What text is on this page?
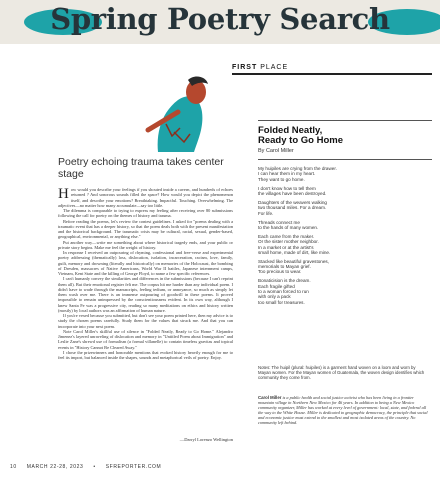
Spring Poetry Search
FIRST PLACE
Folded Neatly,
Ready to Go Home
By Carol Miller

My huipiles are crying from the drawer.
I can hear them in my heart.
They want to go home.

I don't know how to tell them
the villages have been destroyed.

Daughters of the weavers walking
two thousand miles. For a dream.
For life.

Threads connect me
to the hands of many women.

Each came from the maker.
Or the sister mother neighbor.
In a market or at the artist's
small home, made of dirt, like mine.

Stacked like beautiful gravestones,
memorials to Mayan grief.
Too precious to wear.

Bonaticision is the dream.
Each fragile gifted
to a woman forced to run
with only a pack
too small for treasures.

Notes: The huipil (plural: huipiles) is a garment hand woven on a loom and worn by Mayan women. For the Mayan women of Guatemala, the woven design identifies which community they come from.
Carol Miller is a public health and social justice activist who has been living in a frontier mountain village in Northern New Mexico for 46 years. In addition to being a New Mexico community organizer, Miller has worked at every level of government: local, state, and federal all the way to the White House. Miller is dedicated to geographic democracy, the principle that social and economic justice must extend to the smallest and most isolated areas of the country. No community left behind.
Poetry echoing trauma takes center stage

How would you describe your feelings if you shouted inside a cavern, and hundreds of echoes returned ? And sonorous sounds filled the space? How would you depict the phenomenon itself, and describe your emotions? Breathtaking. Impactful. Touching. Overwhelming. The adjectives—no matter how many accumulate—say too little.

The dilemma is comparable to trying to express my feeling after receiving over 80 submissions following the call for poetry on the themes of history and trauma.

Before reading the poems, let's review the contest guidelines. I asked for "poems dealing with a traumatic event that has a deeper history, so that the poem deals both with the present manifestation and the historical background. The traumatic crisis may be cultural, racial, sexual, gender-based, geographical, environmental, or anything else."

Put another way—write me something about where historical tragedy ends, and your public or private story begins. Make me feel the weight of history.

In response I received an outpouring of rhyming, confessional and free-verse and experimental poetry addressing (thematically) loss, dislocation, isolation, incarceration, racism, love, family, guilt, memory and drowning (literally and historically) on memories of the Holocaust, the bombing of Dresden, massacres of Native Americans, World War II battles, Japanese internment camps, Vietnam, Kent State and the killing of George Floyd, to name a few specific references.

I can't humanly convey the similarities and differences in the submissions (because I can't reprint them all). But their emotional register felt me. The corpus hit me harder than any individual poem. I didn't have to wade through the manuscripts, feeling tedium, or annoyance, so much as simply let them wash over me. There is an immense outpouring of goodwill in these poems. It proved impossible to remain unimpressed by the conscientiousness evident. In its own way, although I knew Santa Fe was a progressive city, reading so many meditations on ethics and history written (mostly) by local authors was an affirmation of human nature.

If you're vexed because you submitted, but don't see your poem printed here, then my advice is to study the chosen poems carefully. Study them for the values that struck me. And that you can incorporate into your next poem.

Note Carol Miller's skillful use of silence in "Folded Neatly, Ready to Go Home." Alejandro Jimenez's layered unraveling of dislocation and memory in "Untitled Poem about Immigration" and Leslie Zane's shrewd use of formalism (a formal villanelle) to contain timeless gravitas and topical events in "History Cannot Be Cleared Away."

I chose the prizewinners and honorable mentions that evoked history heavily enough for me to feel its import, but balanced inside the shapes, sounds and metaphorical veils of poetry. Enjoy.

—Darryl Lorenzo Wellington
10 MARCH 22-28, 2023 • SFREPORTER.COM
